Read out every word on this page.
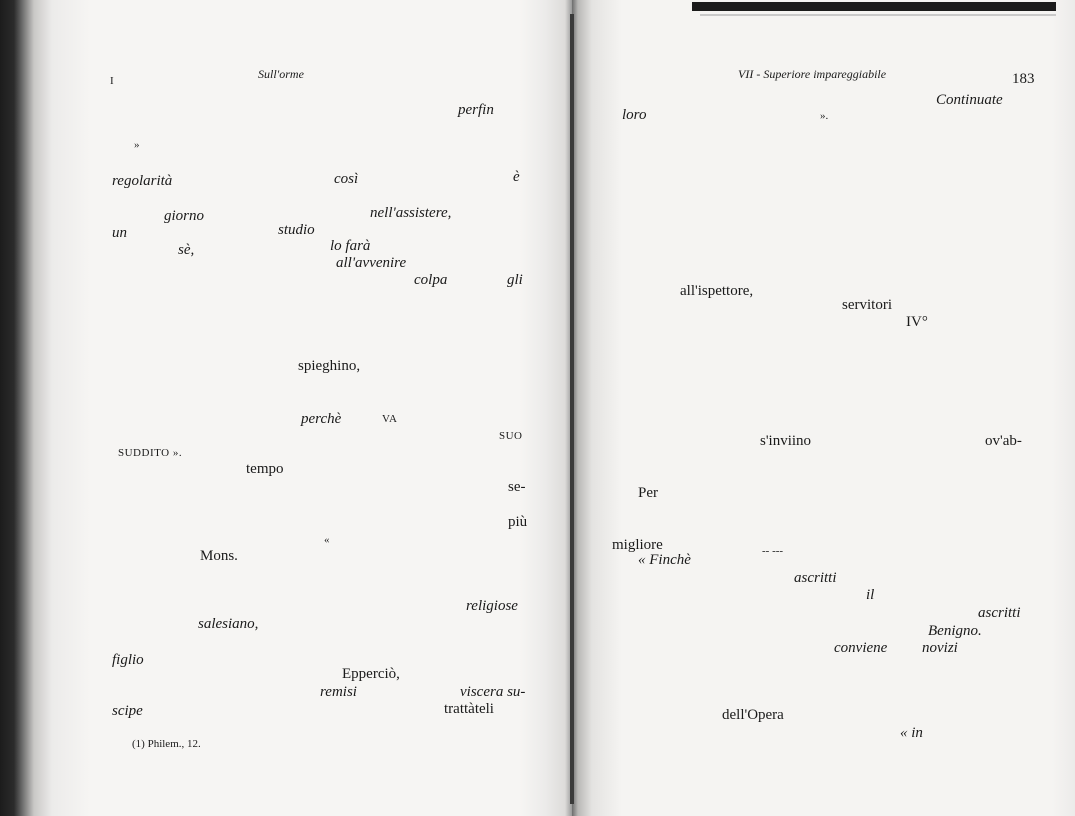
I	Sull'orme
perfin
»
regolarità	così	è
giorno	nell'assistere,
un	studio
sè,	lo farà
all'avvenire
colpa	gli
spieghino,
perchè	VA
SUO
SUDDITO ».
tempo
se-
più
«
Mons.
religiose
salesiano,
figlio
Epperciò,
remisi	viscera su-
scipe	trattàteli
(1) Philem., 12.
VII - Superiore impareggiabile	183
Continuate
loro	».
all'ispettore,
servitori
IV°
s'inviino	ov'ab-
Per
migliore	-- ---
« Finchè
ascritti
il
ascritti
Benigno.
conviene novizi
dell'Opera
« in
